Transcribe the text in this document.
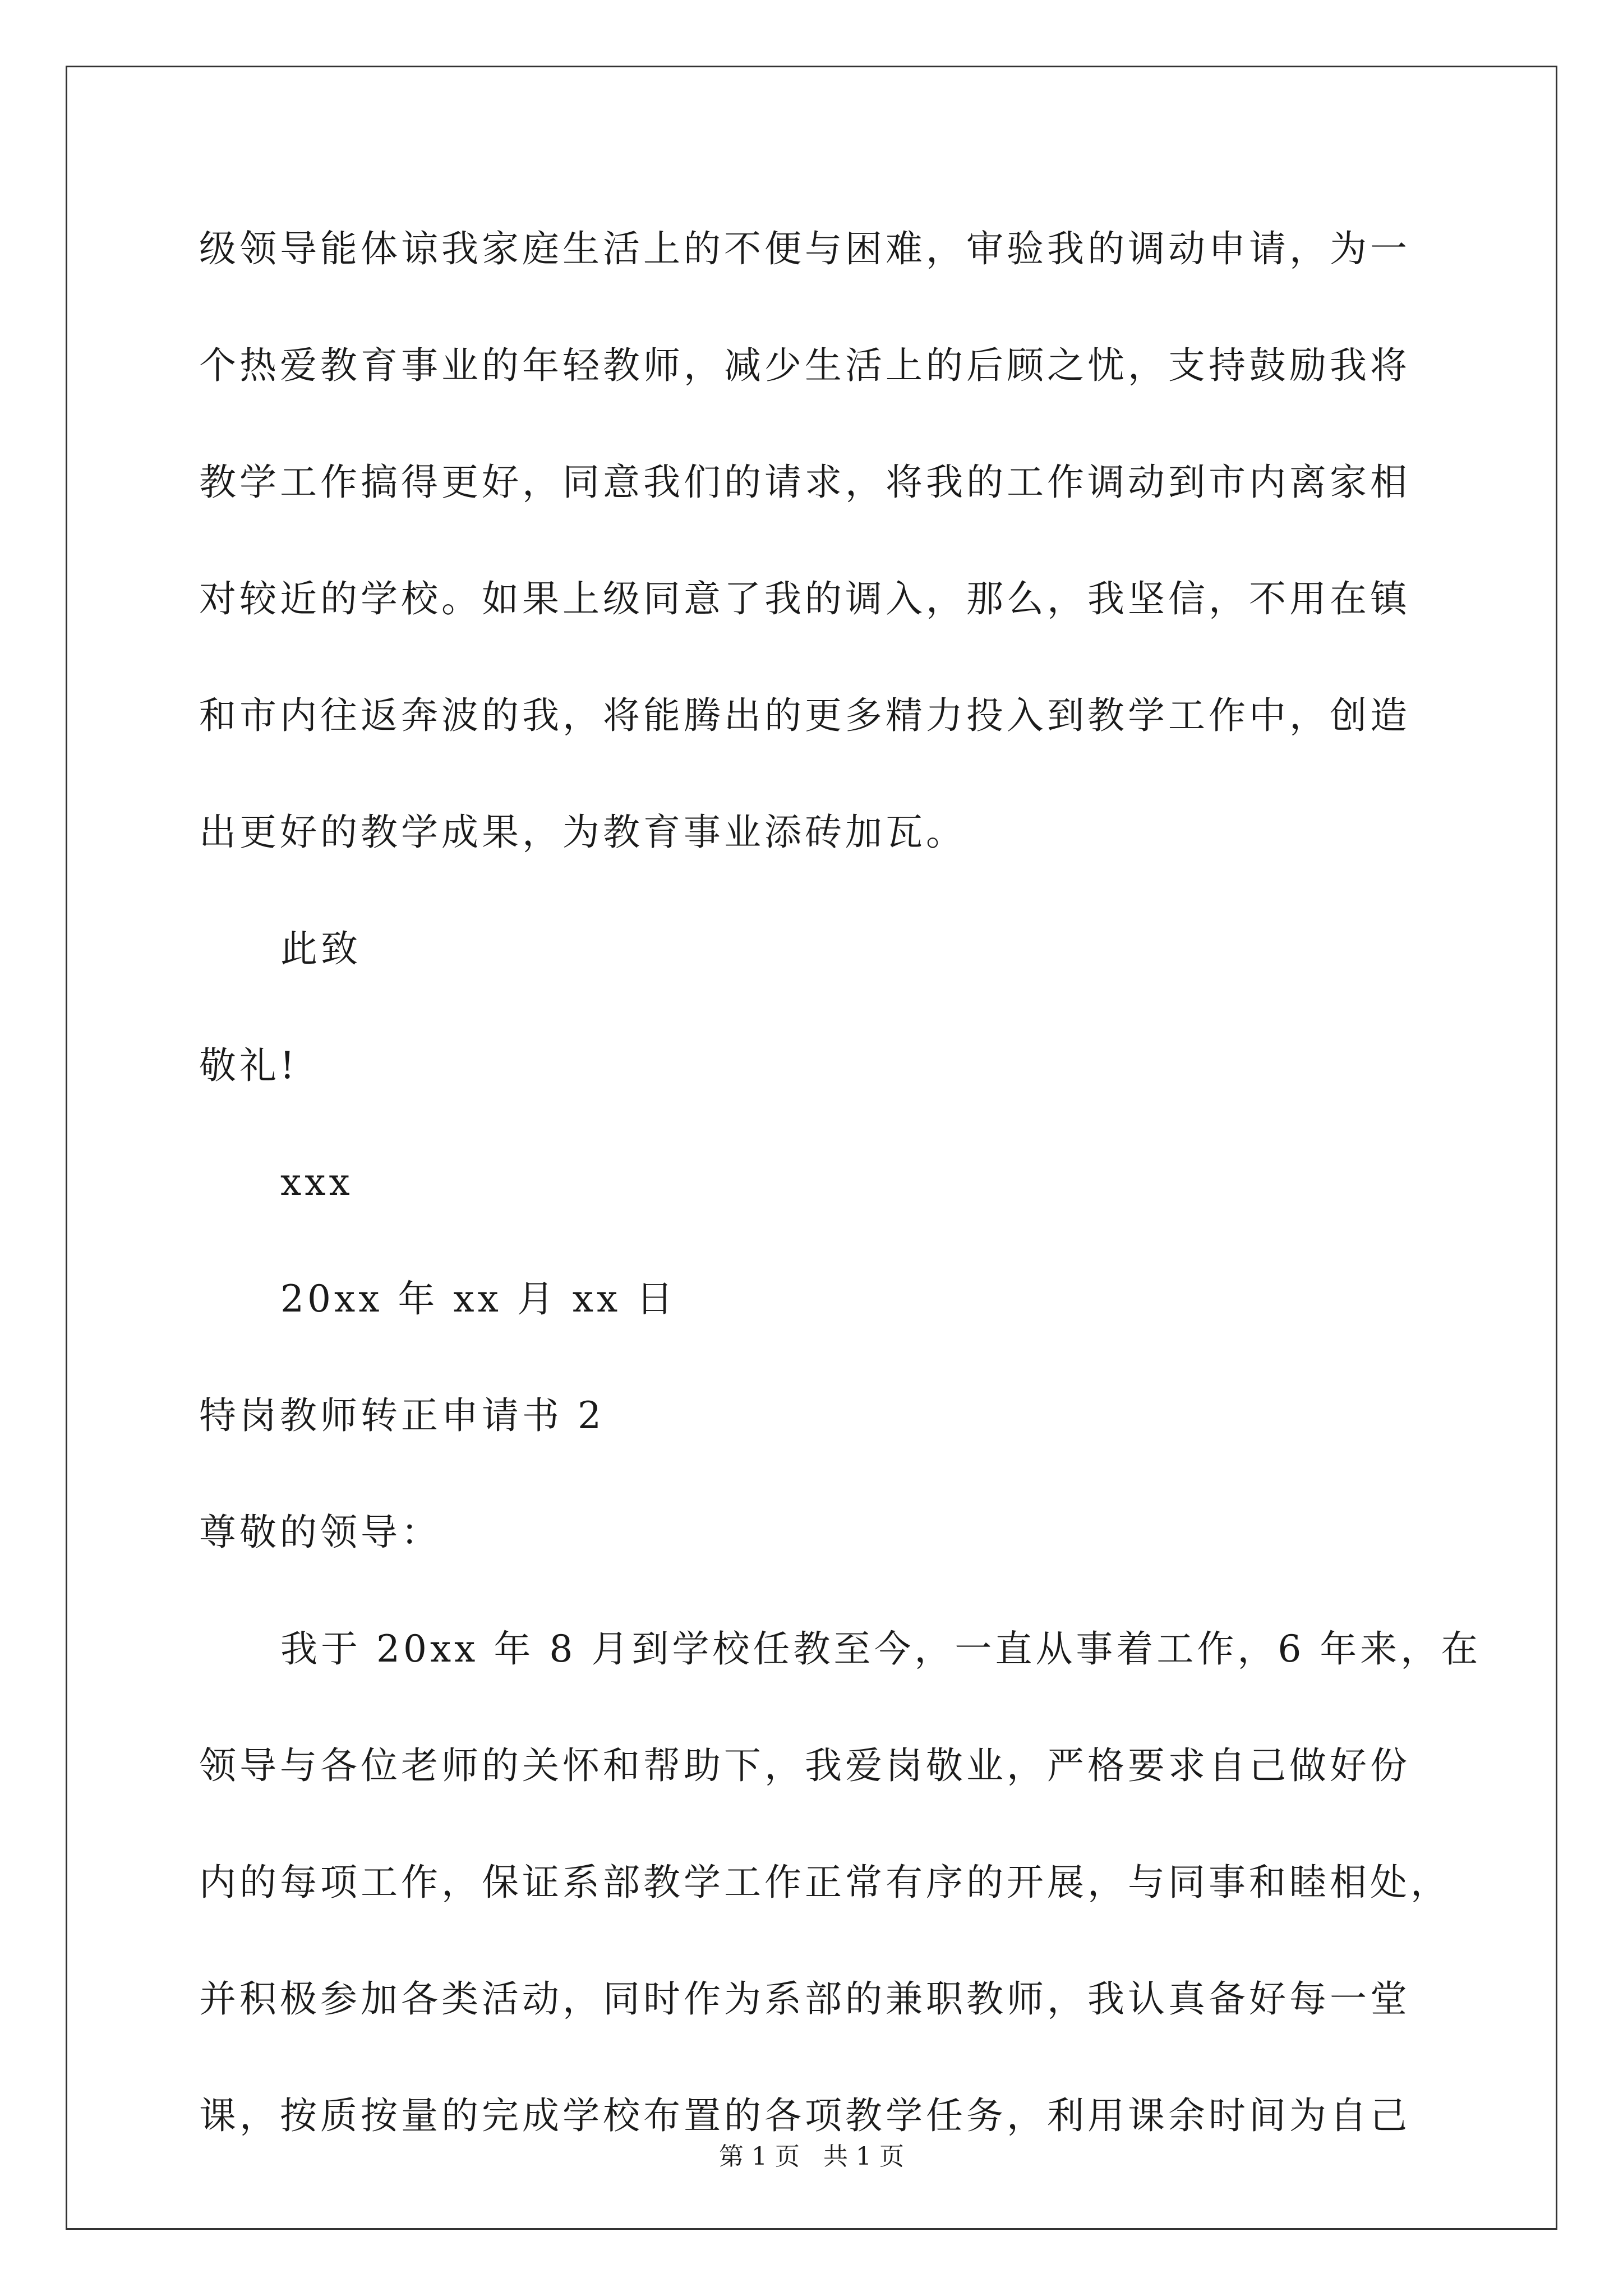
级领导能体谅我家庭生活上的不便与困难，审验我的调动申请，为一

个热爱教育事业的年轻教师，减少生活上的后顾之忧，支持鼓励我将

教学工作搞得更好，同意我们的请求，将我的工作调动到市内离家相

对较近的学校。如果上级同意了我的调入，那么，我坚信，不用在镇

和市内往返奔波的我，将能腾出的更多精力投入到教学工作中，创造

出更好的教学成果，为教育事业添砖加瓦。

此致

敬礼!

xxx

20xx 年 xx 月 xx 日

特岗教师转正申请书 2

尊敬的领导：

我于 20xx 年 8 月到学校任教至今，一直从事着工作，6 年来，在

领导与各位老师的关怀和帮助下，我爱岗敬业，严格要求自己做好份

内的每项工作，保证系部教学工作正常有序的开展，与同事和睦相处，

并积极参加各类活动，同时作为系部的兼职教师，我认真备好每一堂

课，按质按量的完成学校布置的各项教学任务，利用课余时间为自己

第 1 页   共 1 页
